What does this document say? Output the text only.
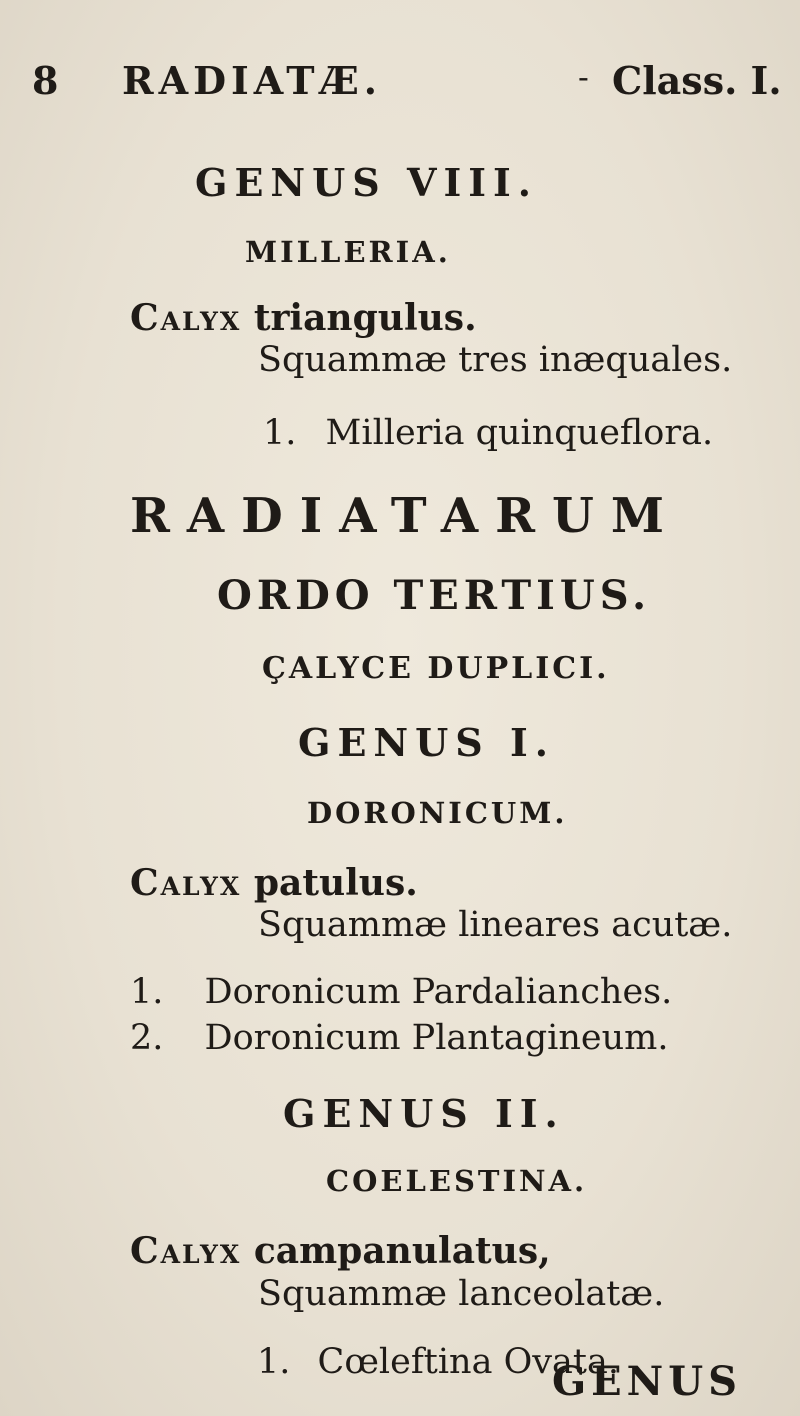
8 RADIATÆ.	- Class. I.
GENUS VIII.
MILLERIA.
Calyx triangulus.
Squammæ tres inæquales.
1. Milleria quinqueflora.
RADIATARUM
ORDO TERTIUS.
ÇALYCE DUPLICI.
GENUS I.
DORONICUM.
Calyx patulus.
Squammæ lineares acutæ.
1. Doronicum Pardalianches.
2. Doronicum Plantagineum.
GENUS II.
COELESTINA.
Calyx campanulatus,
Squammæ lanceolatæ.
1. Cœleftina Ovata.
GENUS
